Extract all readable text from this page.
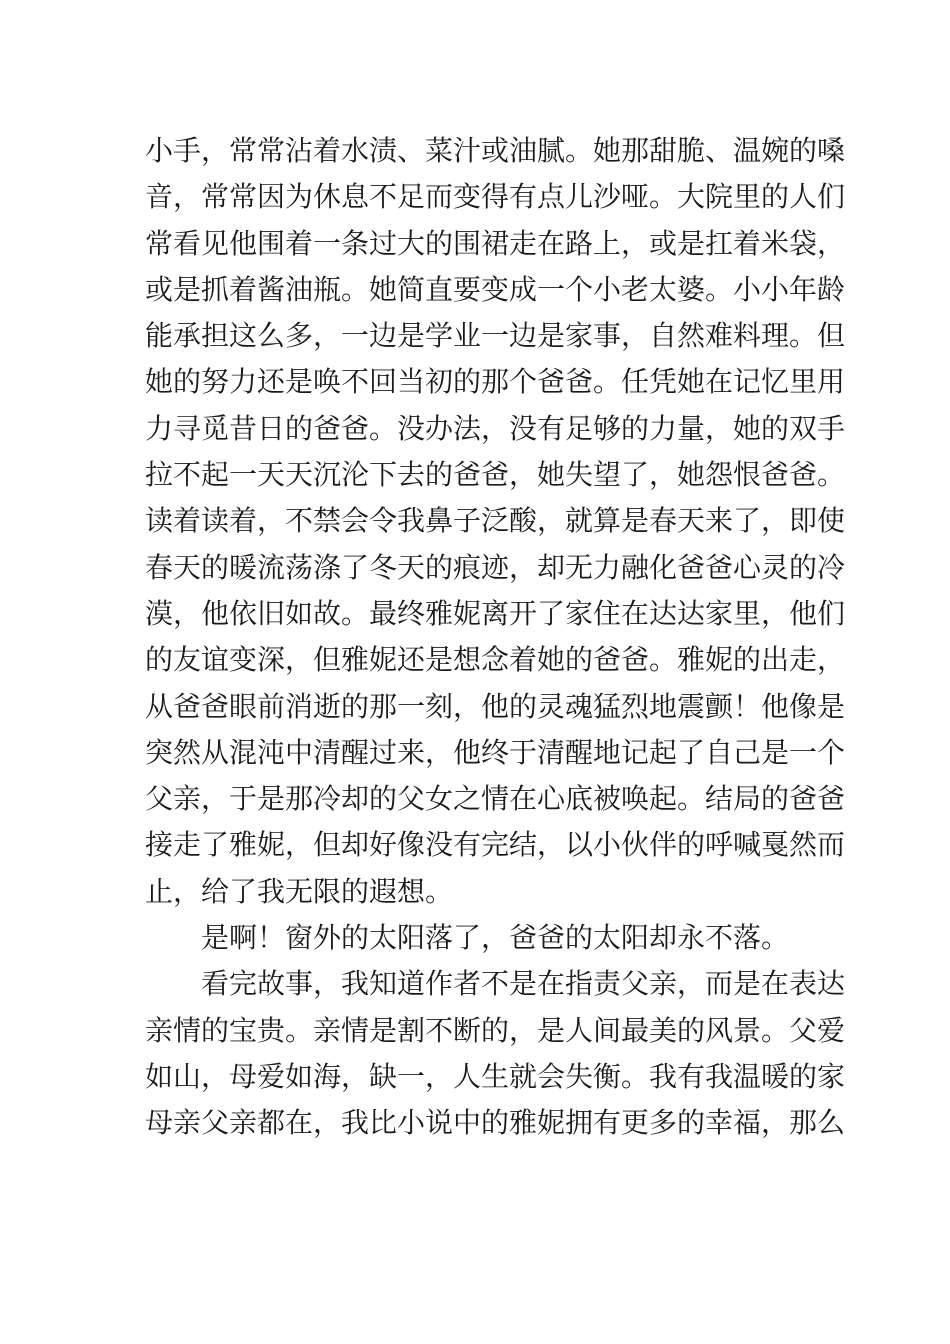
小手，常常沾着水渍、菜汁或油腻。她那甜脆、温婉的嗓
音，常常因为休息不足而变得有点儿沙哑。大院里的人们
常看见他围着一条过大的围裙走在路上，或是扛着米袋，
或是抓着酱油瓶。她简直要变成一个小老太婆。小小年龄
能承担这么多，一边是学业一边是家事，自然难料理。但
她的努力还是唤不回当初的那个爸爸。任凭她在记忆里用
力寻觅昔日的爸爸。没办法，没有足够的力量，她的双手
拉不起一天天沉沦下去的爸爸，她失望了，她怨恨爸爸。
读着读着，不禁会令我鼻子泛酸，就算是春天来了，即使
春天的暖流荡涤了冬天的痕迹，却无力融化爸爸心灵的冷
漠，他依旧如故。最终雅妮离开了家住在达达家里，他们
的友谊变深，但雅妮还是想念着她的爸爸。雅妮的出走，
从爸爸眼前消逝的那一刻，他的灵魂猛烈地震颤！他像是
突然从混沌中清醒过来，他终于清醒地记起了自己是一个
父亲，于是那冷却的父女之情在心底被唤起。结局的爸爸
接走了雅妮，但却好像没有完结，以小伙伴的呼喊戛然而
止，给了我无限的遐想。
是啊！窗外的太阳落了，爸爸的太阳却永不落。
看完故事，我知道作者不是在指责父亲，而是在表达
亲情的宝贵。亲情是割不断的，是人间最美的风景。父爱
如山，母爱如海，缺一，人生就会失衡。我有我温暖的家
母亲父亲都在，我比小说中的雅妮拥有更多的幸福，那么
